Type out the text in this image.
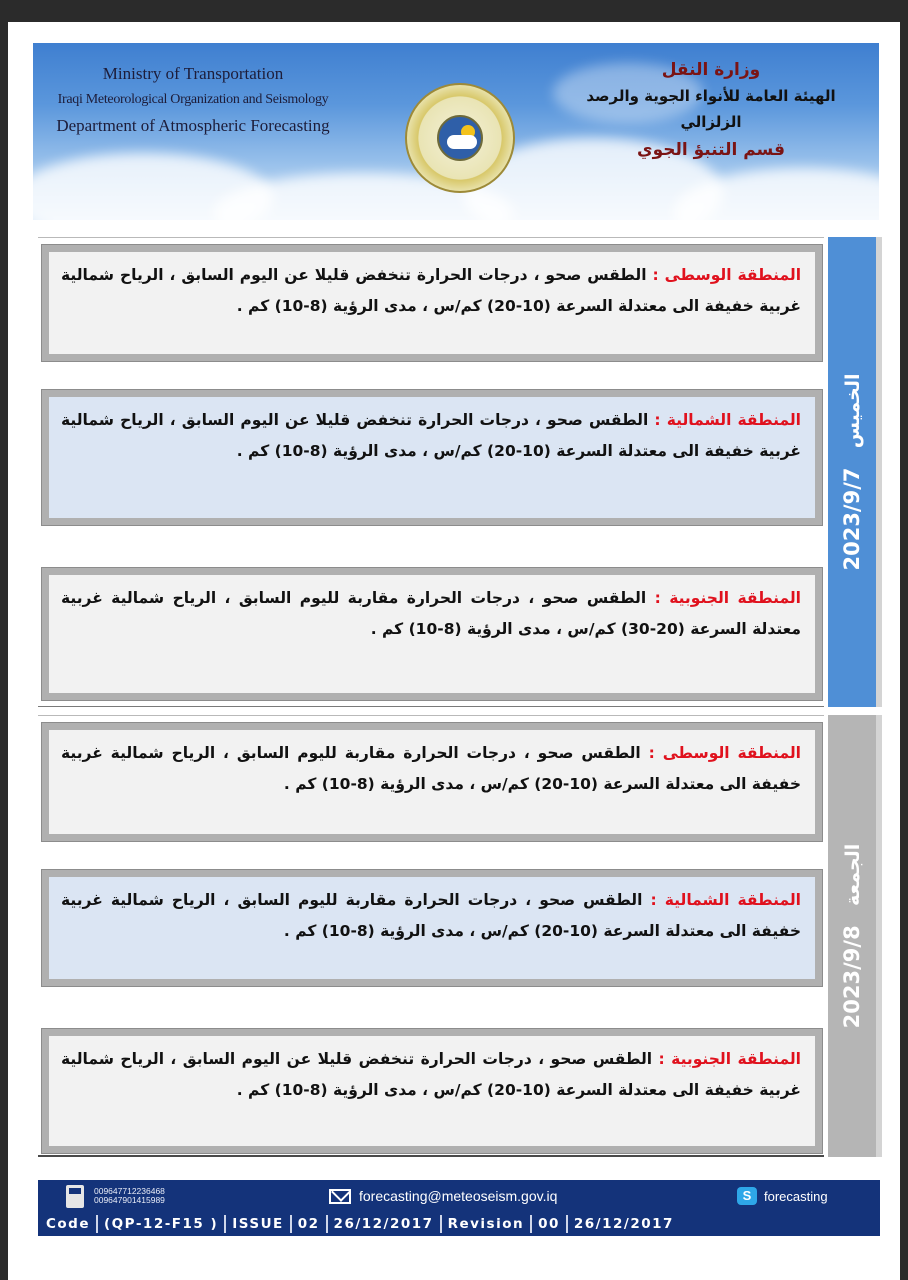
Ministry of Transportation
Iraqi Meteorological Organization and Seismology
Department of Atmospheric Forecasting
وزارة النقل
الهيئة العامة للأنواء الجوية والرصد الزلزالي
قسم التنبؤ الجوي
المنطقة الوسطى : الطقس صحو ، درجات الحرارة تنخفض قليلا عن اليوم السابق ، الرياح شمالية غربية خفيفة الى معتدلة السرعة (10-20) كم/س ، مدى الرؤية (8-10) كم .
المنطقة الشمالية : الطقس صحو ، درجات الحرارة تنخفض قليلا عن اليوم السابق ، الرياح شمالية غربية خفيفة الى معتدلة السرعة (10-20) كم/س ، مدى الرؤية (8-10) كم .
المنطقة الجنوبية : الطقس صحو ، درجات الحرارة مقاربة لليوم السابق ، الرياح شمالية غربية معتدلة السرعة (20-30) كم/س ، مدى الرؤية (8-10) كم .
2023/9/7 الخميس
المنطقة الوسطى : الطقس صحو ، درجات الحرارة مقاربة لليوم السابق ، الرياح شمالية غربية خفيفة الى معتدلة السرعة (10-20) كم/س ، مدى الرؤية (8-10) كم .
المنطقة الشمالية : الطقس صحو ، درجات الحرارة مقاربة لليوم السابق ، الرياح شمالية غربية خفيفة الى معتدلة السرعة (10-20) كم/س ، مدى الرؤية (8-10) كم .
المنطقة الجنوبية : الطقس صحو ، درجات الحرارة تنخفض قليلا عن اليوم السابق ، الرياح شمالية غربية خفيفة الى معتدلة السرعة (10-20) كم/س ، مدى الرؤية (8-10) كم .
2023/9/8 الجمعة
009647712236468
009647901415989	forecasting@meteoseism.gov.iq	S forecasting
Code	(QP-12-F15 )	ISSUE	02	26/12/2017	Revision	00	26/12/2017
